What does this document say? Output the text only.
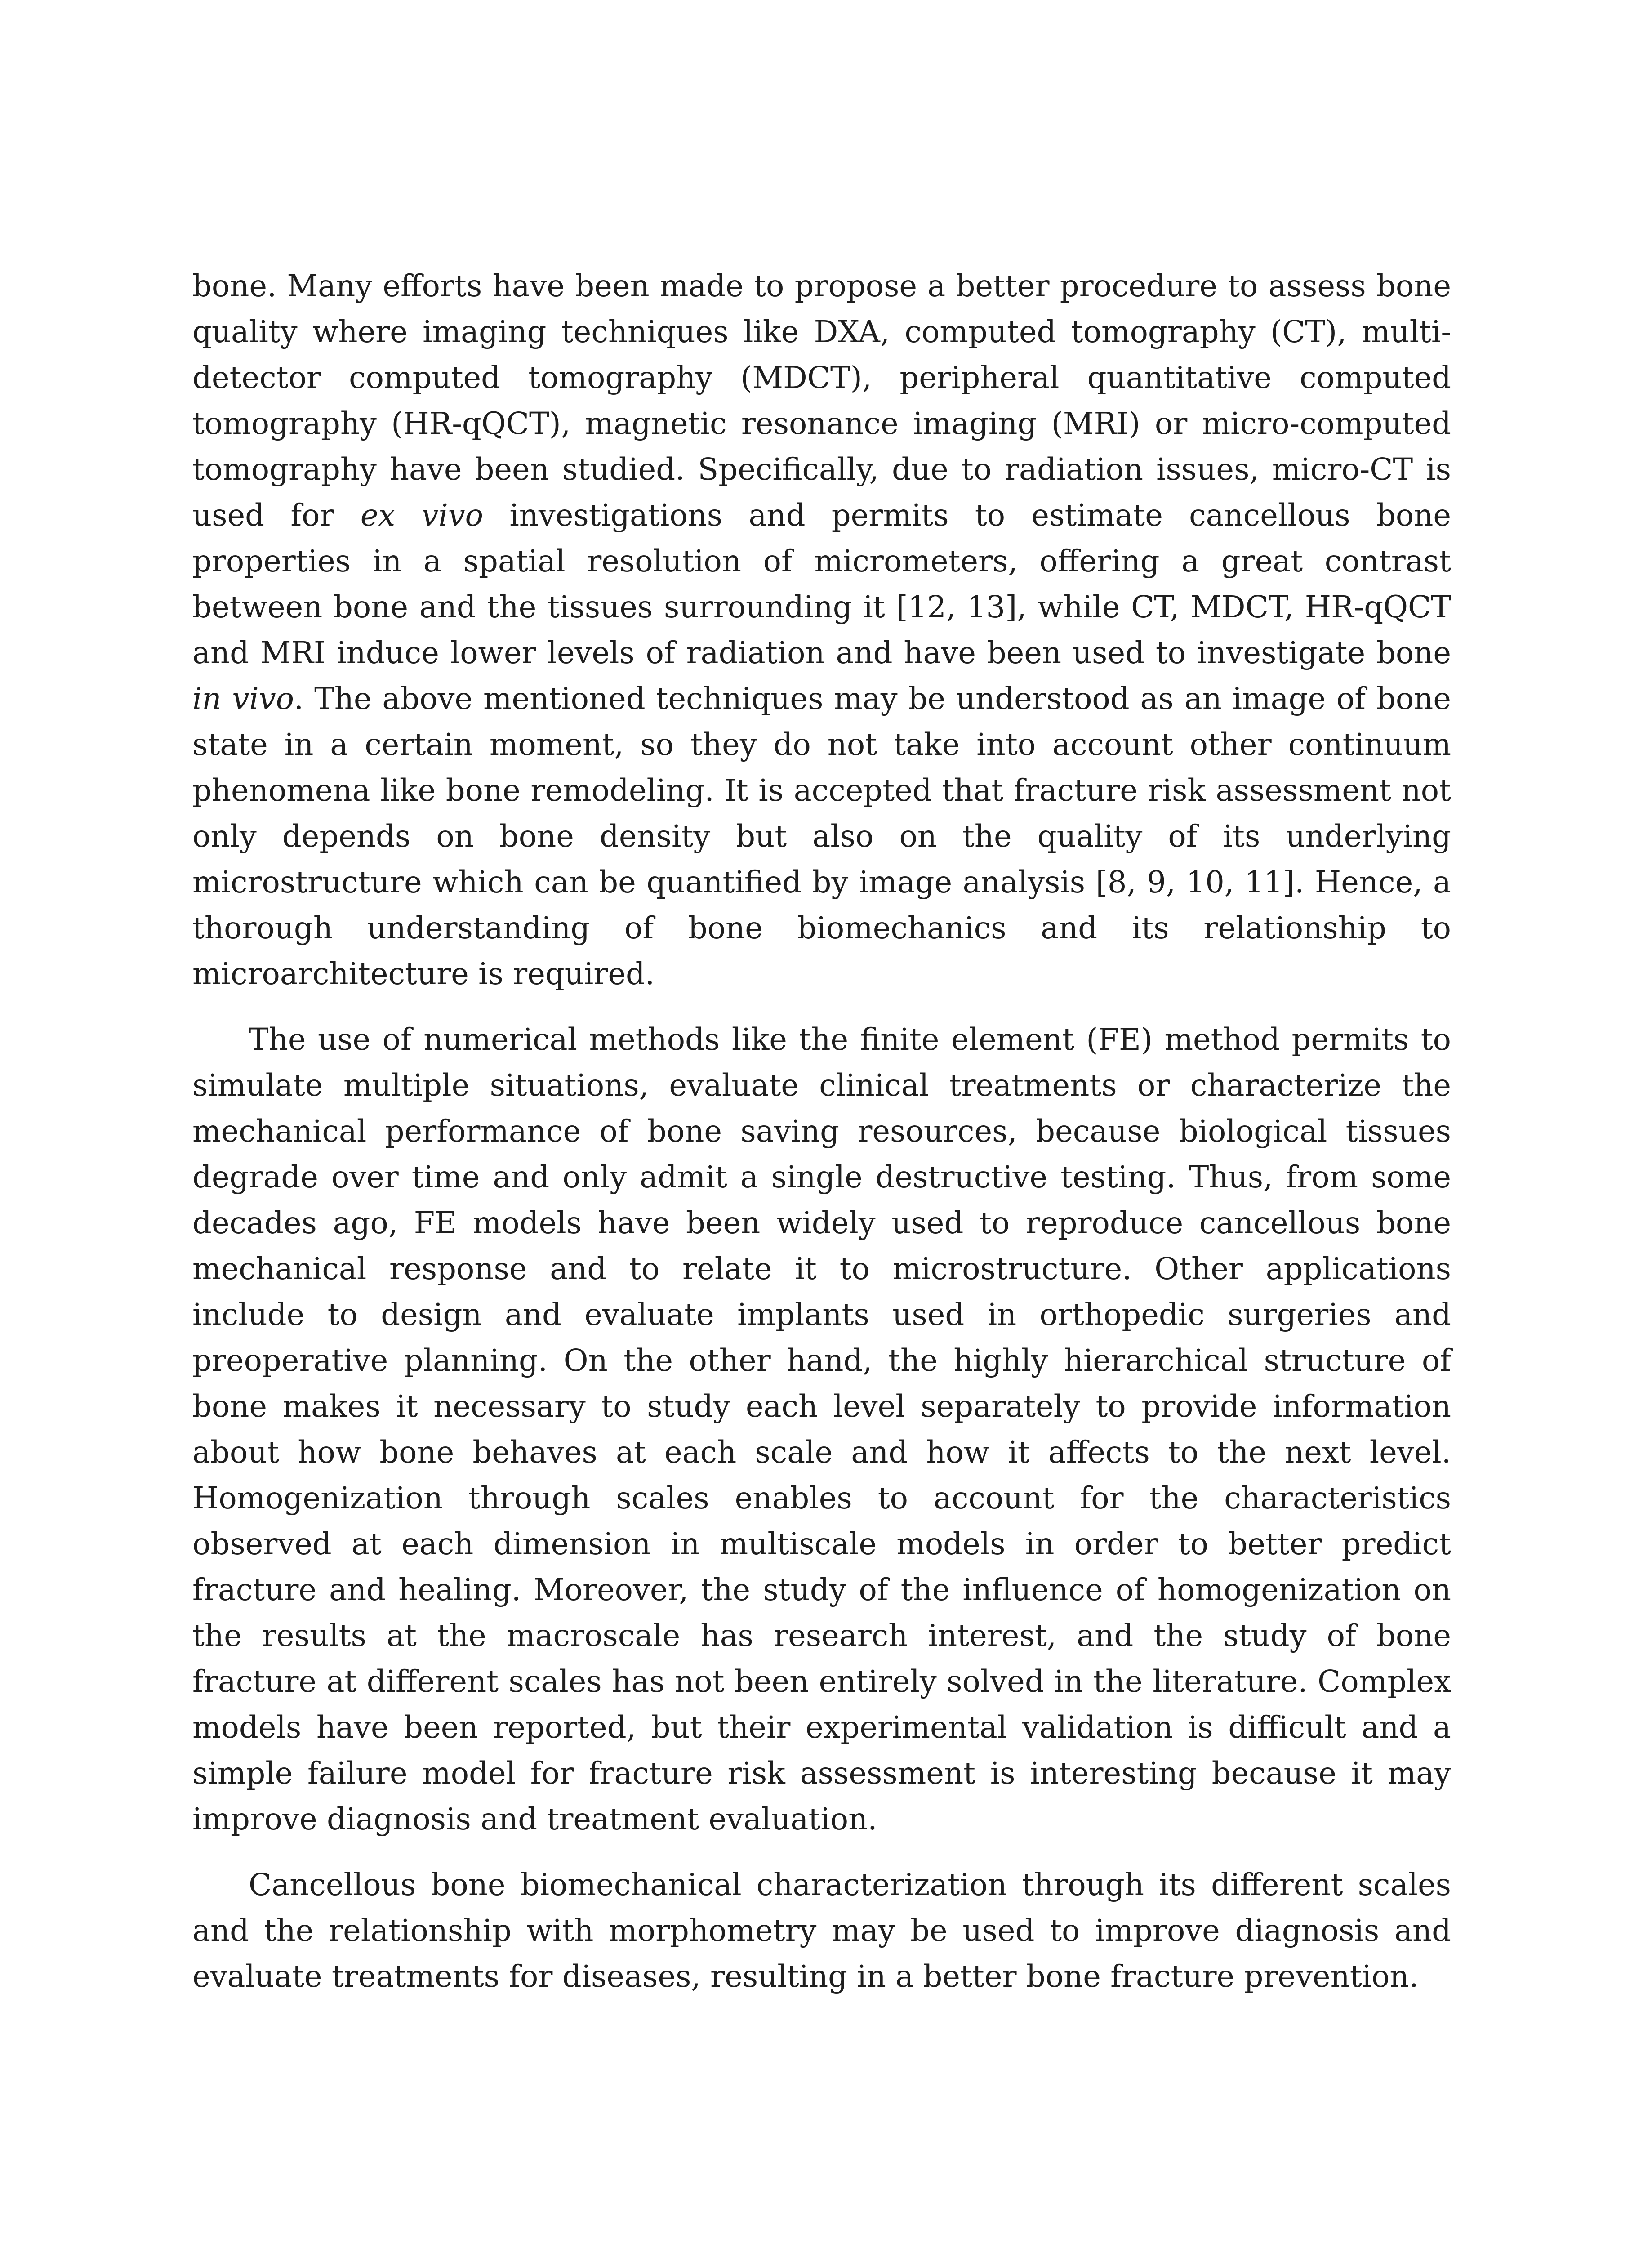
bone. Many efforts have been made to propose a better procedure to assess bone quality where imaging techniques like DXA, computed tomography (CT), multi-detector computed tomography (MDCT), peripheral quantitative computed tomography (HR-qQCT), magnetic resonance imaging (MRI) or micro-computed tomography have been studied. Specifically, due to radiation issues, micro-CT is used for ex vivo investigations and permits to estimate cancellous bone properties in a spatial resolution of micrometers, offering a great contrast between bone and the tissues surrounding it [12, 13], while CT, MDCT, HR-qQCT and MRI induce lower levels of radiation and have been used to investigate bone in vivo. The above mentioned techniques may be understood as an image of bone state in a certain moment, so they do not take into account other continuum phenomena like bone remodeling. It is accepted that fracture risk assessment not only depends on bone density but also on the quality of its underlying microstructure which can be quantified by image analysis [8, 9, 10, 11]. Hence, a thorough understanding of bone biomechanics and its relationship to microarchitecture is required.

The use of numerical methods like the finite element (FE) method permits to simulate multiple situations, evaluate clinical treatments or characterize the mechanical performance of bone saving resources, because biological tissues degrade over time and only admit a single destructive testing. Thus, from some decades ago, FE models have been widely used to reproduce cancellous bone mechanical response and to relate it to microstructure. Other applications include to design and evaluate implants used in orthopedic surgeries and preoperative planning. On the other hand, the highly hierarchical structure of bone makes it necessary to study each level separately to provide information about how bone behaves at each scale and how it affects to the next level. Homogenization through scales enables to account for the characteristics observed at each dimension in multiscale models in order to better predict fracture and healing. Moreover, the study of the influence of homogenization on the results at the macroscale has research interest, and the study of bone fracture at different scales has not been entirely solved in the literature. Complex models have been reported, but their experimental validation is difficult and a simple failure model for fracture risk assessment is interesting because it may improve diagnosis and treatment evaluation.

Cancellous bone biomechanical characterization through its different scales and the relationship with morphometry may be used to improve diagnosis and evaluate treatments for diseases, resulting in a better bone fracture prevention.
